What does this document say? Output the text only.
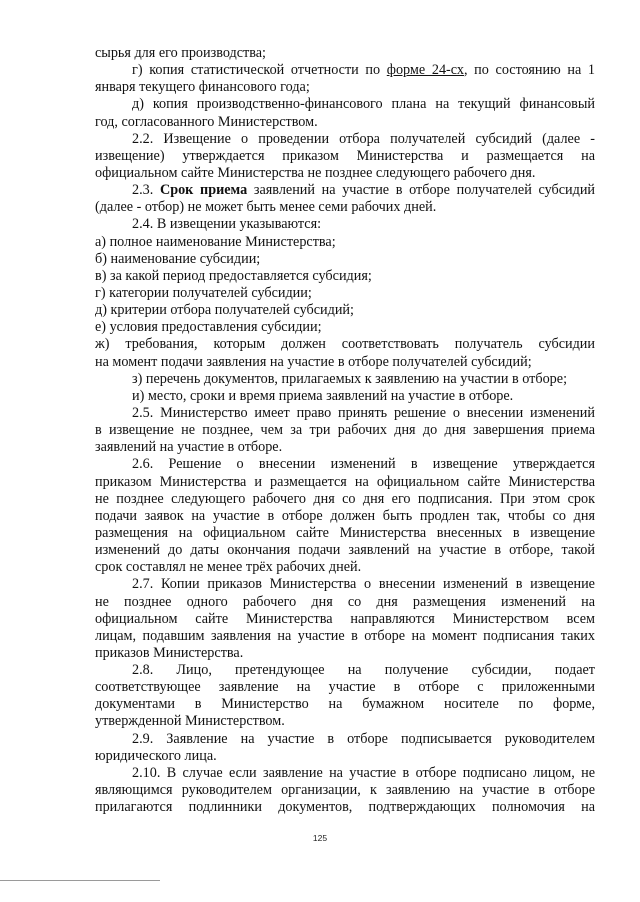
сырья для его производства;
г) копия статистической отчетности по форме 24-сх, по состоянию на 1
января текущего финансового года;
д) копия производственно-финансового плана на текущий финансовый
год, согласованного Министерством.
2.2. Извещение о проведении отбора получателей субсидий (далее -
извещение) утверждается приказом Министерства и размещается на
официальном сайте Министерства не позднее следующего рабочего дня.
2.3. Срок приема заявлений на участие в отборе получателей субсидий
(далее - отбор) не может быть менее семи рабочих дней.
2.4. В извещении указываются:
а) полное наименование Министерства;
б) наименование субсидии;
в) за какой период предоставляется субсидия;
г) категории получателей субсидии;
д) критерии отбора получателей субсидий;
е) условия предоставления субсидии;
ж) требования, которым должен соответствовать получатель субсидии
на момент подачи заявления на участие в отборе получателей субсидий;
з) перечень документов, прилагаемых к заявлению на участии в отборе;
и) место, сроки и время приема заявлений на участие в отборе.
2.5. Министерство имеет право принять решение о внесении изменений
в извещение не позднее, чем за три рабочих дня до дня завершения приема
заявлений на участие в отборе.
2.6. Решение о внесении изменений в извещение утверждается
приказом Министерства и размещается на официальном сайте Министерства
не позднее следующего рабочего дня со дня его подписания. При этом срок
подачи заявок на участие в отборе должен быть продлен так, чтобы со дня
размещения на официальном сайте Министерства внесенных в извещение
изменений до даты окончания подачи заявлений на участие в отборе, такой
срок составлял не менее трёх рабочих дней.
2.7. Копии приказов Министерства о внесении изменений в извещение
не позднее одного рабочего дня со дня размещения изменений на
официальном сайте Министерства направляются Министерством всем
лицам, подавшим заявления на участие в отборе на момент подписания таких
приказов Министерства.
2.8. Лицо, претендующее на получение субсидии, подает
соответствующее заявление на участие в отборе с приложенными
документами в Министерство на бумажном носителе по форме,
утвержденной Министерством.
2.9. Заявление на участие в отборе подписывается руководителем
юридического лица.
2.10. В случае если заявление на участие в отборе подписано лицом, не
являющимся руководителем организации, к заявлению на участие в отборе
прилагаются подлинники документов, подтверждающих полномочия на
125
